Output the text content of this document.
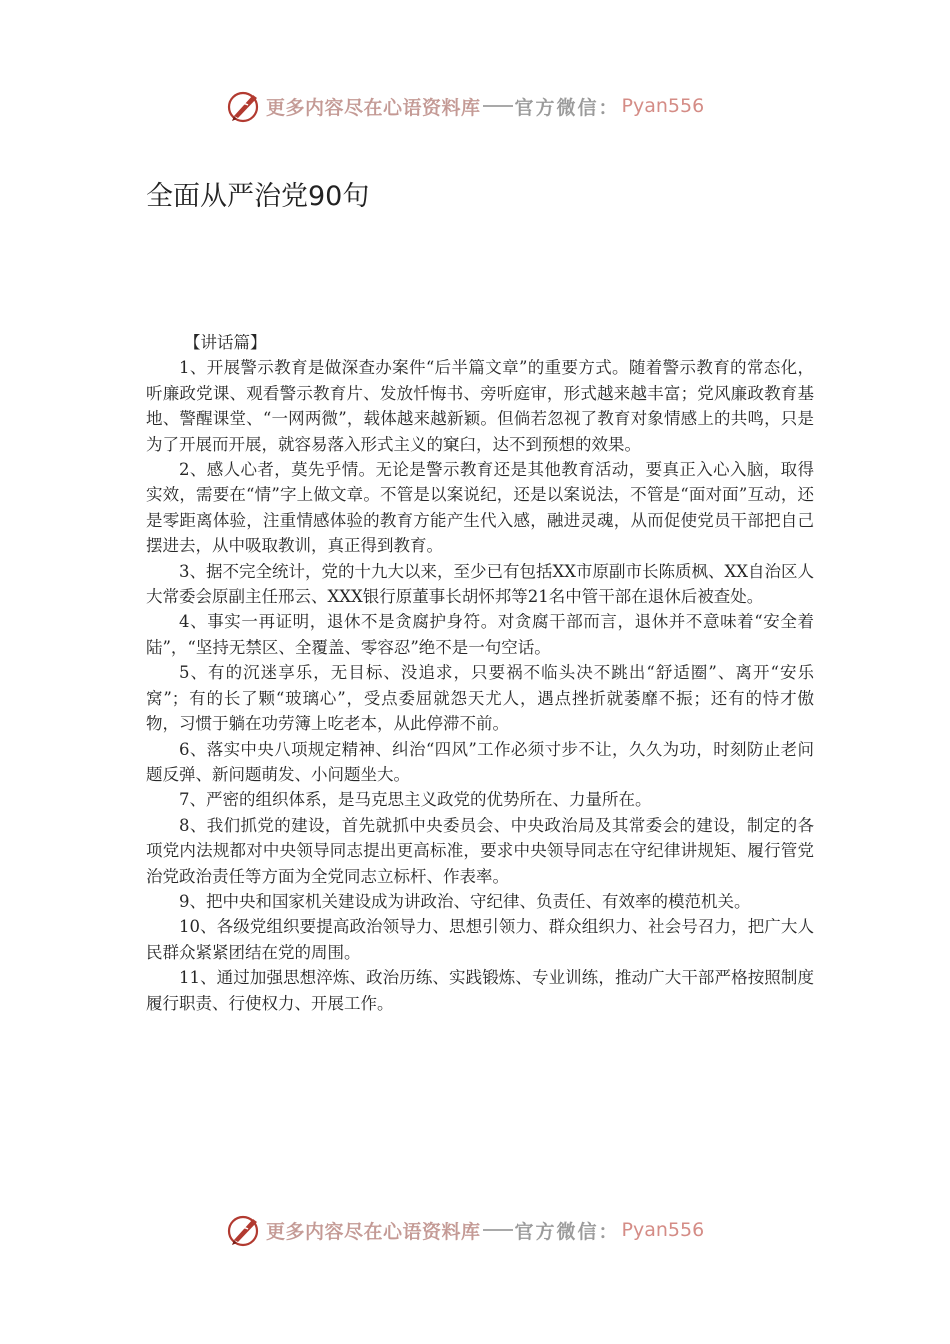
更多内容尽在心语资料库 官方微信： Pyan556
全面从严治党90句

【讲话篇】

1、开展警示教育是做深查办案件“后半篇文章”的重要方式。随着警示教育的常态化，听廉政党课、观看警示教育片、发放忏悔书、旁听庭审，形式越来越丰富；党风廉政教育基地、警醒课堂、“一网两微”，载体越来越新颖。但倘若忽视了教育对象情感上的共鸣，只是为了开展而开展，就容易落入形式主义的窠臼，达不到预想的效果。

2、感人心者，莫先乎情。无论是警示教育还是其他教育活动，要真正入心入脑，取得实效，需要在“情”字上做文章。不管是以案说纪，还是以案说法，不管是“面对面”互动，还是零距离体验，注重情感体验的教育方能产生代入感，融进灵魂，从而促使党员干部把自己摆进去，从中吸取教训，真正得到教育。

3、据不完全统计，党的十九大以来，至少已有包括XX市原副市长陈质枫、XX自治区人大常委会原副主任邢云、XXX银行原董事长胡怀邦等21名中管干部在退休后被查处。

4、事实一再证明，退休不是贪腐护身符。对贪腐干部而言，退休并不意味着“安全着陆”，“坚持无禁区、全覆盖、零容忍”绝不是一句空话。

5、有的沉迷享乐，无目标、没追求，只要祸不临头决不跳出“舒适圈”、离开“安乐窝”；有的长了颗“玻璃心”，受点委屈就怨天尤人，遇点挫折就萎靡不振；还有的恃才傲物，习惯于躺在功劳簿上吃老本，从此停滞不前。

6、落实中央八项规定精神、纠治“四风”工作必须寸步不让，久久为功，时刻防止老问题反弹、新问题萌发、小问题坐大。

7、严密的组织体系，是马克思主义政党的优势所在、力量所在。

8、我们抓党的建设，首先就抓中央委员会、中央政治局及其常委会的建设，制定的各项党内法规都对中央领导同志提出更高标准，要求中央领导同志在守纪律讲规矩、履行管党治党政治责任等方面为全党同志立标杆、作表率。

9、把中央和国家机关建设成为讲政治、守纪律、负责任、有效率的模范机关。

10、各级党组织要提高政治领导力、思想引领力、群众组织力、社会号召力，把广大人民群众紧紧团结在党的周围。

11、通过加强思想淬炼、政治历练、实践锻炼、专业训练，推动广大干部严格按照制度履行职责、行使权力、开展工作。

更多内容尽在心语资料库 官方微信： Pyan556
